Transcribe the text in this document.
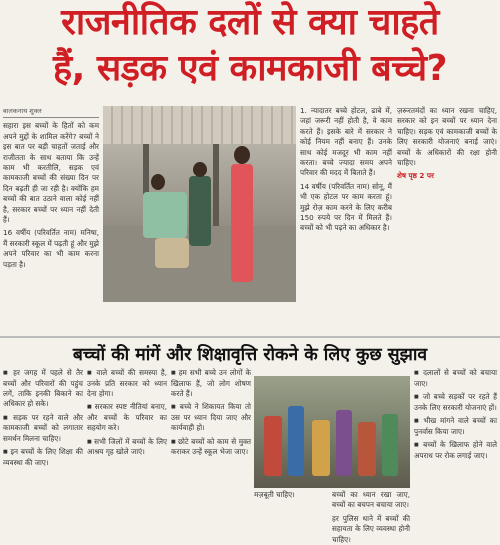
राजनीतिक दलों से क्या चाहते
हैं, सड़क एवं कामकाजी बच्चे?
बालकनाथ शुक्ल

सहारा इस बच्चों के हितों को कम अपने मुद्दों के शामिल करेंगे? बच्चों ने इस बात पर बड़ी चाहतों जताई और राजीतता के साथ बताया कि उन्हें काम भी करतीलि, सड़क एवं कामकाजी बच्चों की संख्या दिन पर दिन बढ़ती ही जा रही है। क्योंकि हम बच्चों की बात उठाने वाला कोई नहीं है, सरकार बच्चों पर ध्यान नहीं देती हैं।

16 वर्षीय (परिवर्तित नाम) मनिषा, मैं सरकारी स्कूल में पढ़ती हूं और मुझे अपने परिवार का भी काम करना पड़ता है।

1. न्यादातर बच्चे होटल, ढाबे में, जहां जरूरी नहीं होती है, वे काम करते हैं। इसके बारे में सरकार ने कोई नियम नहीं बनाए हैं। उनके साथ कोई मजदूर भी काम नहीं करता। बच्चे ज्यादा समय अपने परिवार की मदद में बिताते हैं।

14 वर्षीय (परिवर्तित नाम) सोनू, मैं भी एक होटल पर काम करता हूं। मुझे रोज़ काम करने के लिए करीब 150 रुपये पर दिन में मिलते हैं। बच्चों को भी पढ़ने का अधिकार है।

ज़रूरतमंदों का ध्यान रखना चाहिए, सरकार को इन बच्चों पर ध्यान देना चाहिए। सड़क एवं कामकाजी बच्चों के लिए सरकारी योजनाएं बनाई जाएं। बच्चों के अधिकारों की रक्षा होनी चाहिए।

शेष पृष्ठ 2 पर

बच्चों की मांगें और शिक्षावृत्ति रोकने के लिए कुछ सुझाव

■ हर जगह में पहले से तैर बच्चों और परिवारों की पहुंच लगें, ताकि इनकी बिकाने का अधिकार हो सके।

■ सड़क पर रहने वाले और कामकाजी बच्चों को लगातार समर्थन मिलना चाहिए।

■ इन बच्चों के लिए शिक्षा की व्यवस्था की जाए।

■ वाले बच्चों की समस्या है, उनके प्रति सरकार को ध्यान देना होगा।

■ सरकार स्पष्ट नीतियां बनाए, और बच्चों के परिवार का सहयोग करे।

■ सभी जिलों में बच्चों के लिए आश्रय गृह खोले जाएं।

■ हम सभी बच्चे उन लोगों के खिलाफ हैं, जो लोग शोषण करते हैं।

■ बच्चे ने शिकायत किया तो उस पर ध्यान दिया जाए और कार्यवाही हो।

■ छोटे बच्चों को काम से मुक्त कराकर उन्हें स्कूल भेजा जाए।

मज़बूती चाहिए।	बच्चों का ध्यान रखा जाए, बच्चों का बचपन बचाया जाए।

हर पुलिस थाने में बच्चों की सहायता के लिए व्यवस्था होनी चाहिए।

■ दलालों से बच्चों को बचाया जाए।

■ जो बच्चे सड़कों पर रहते हैं उनके लिए सरकारी योजनाएं हों।

■ भीख मांगने वाले बच्चों का पुनर्वास किया जाए।

■ बच्चों के खिलाफ होने वाले अपराध पर रोक लगाई जाए।
